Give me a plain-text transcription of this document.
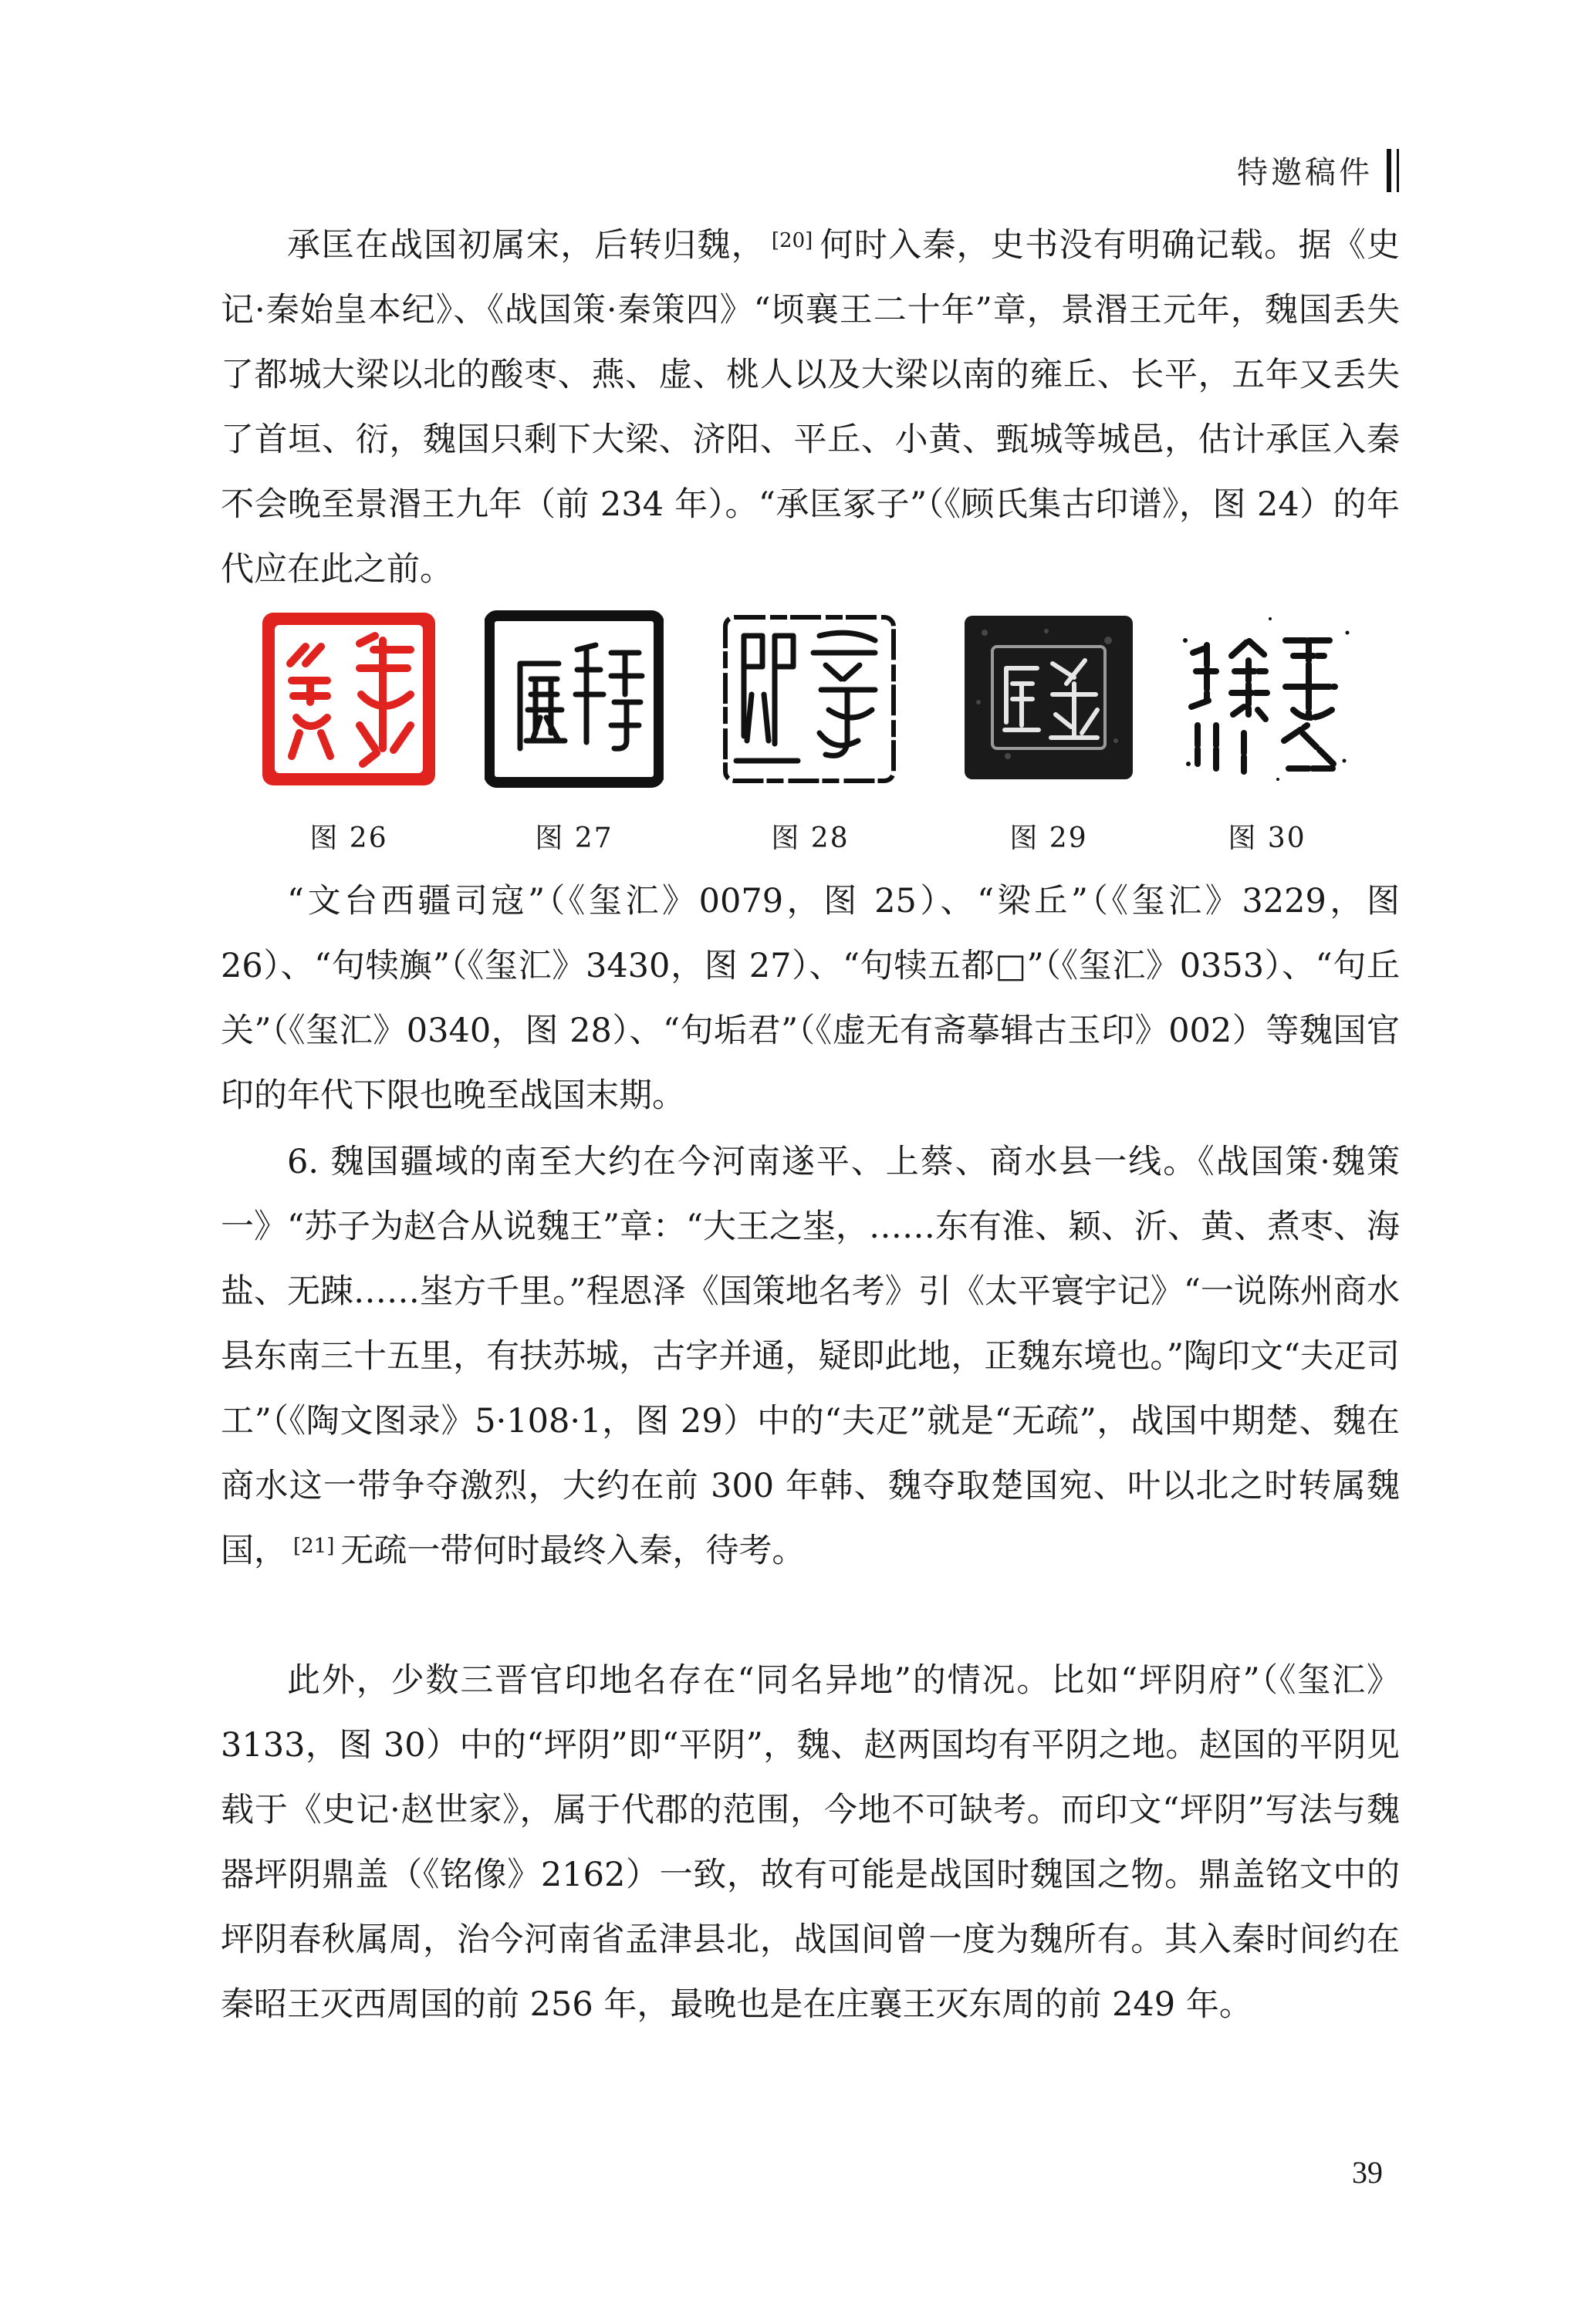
特邀稿件

承匡在战国初属宋，后转归魏， [20] 何时入秦，史书没有明确记载。据《史记·秦始皇本纪》、《战国策·秦策四》“顷襄王二十年”章，景湣王元年，魏国丢失了都城大梁以北的酸枣、燕、虚、桃人以及大梁以南的雍丘、长平，五年又丢失了首垣、衍，魏国只剩下大梁、济阳、平丘、小黄、甄城等城邑，估计承匡入秦不会晚至景湣王九年（前 234 年）。“承匡冢子”（《顾氏集古印谱》，图 24）的年代应在此之前。

图 26	图 27	图 28	图 29	图 30

“文台西疆司寇”（《玺汇》0079，图 25）、“梁丘”（《玺汇》3229，图 26）、“句犊旟”（《玺汇》3430，图 27）、“句犊五都□”（《玺汇》0353）、“句丘关”（《玺汇》0340，图 28）、“句垢君”（《虚无有斋摹辑古玉印》002）等魏国官印的年代下限也晚至战国末期。

6. 魏国疆域的南至大约在今河南遂平、上蔡、商水县一线。《战国策·魏策一》“苏子为赵合从说魏王”章：“大王之埊，……东有淮、颖、沂、黄、煮枣、海盐、无踈……埊方千里。”程恩泽《国策地名考》引《太平寰宇记》“一说陈州商水县东南三十五里，有扶苏城，古字并通，疑即此地，正魏东境也。”陶印文“夫疋司工”（《陶文图录》5·108·1，图 29）中的“夫疋”就是“无疏”，战国中期楚、魏在商水这一带争夺激烈，大约在前 300 年韩、魏夺取楚国宛、叶以北之时转属魏国， [21] 无疏一带何时最终入秦，待考。

此外，少数三晋官印地名存在“同名异地”的情况。比如“坪阴府”（《玺汇》3133，图 30）中的“坪阴”即“平阴”，魏、赵两国均有平阴之地。赵国的平阴见载于《史记·赵世家》，属于代郡的范围，今地不可缺考。而印文“坪阴”写法与魏器坪阴鼎盖（《铭像》2162）一致，故有可能是战国时魏国之物。鼎盖铭文中的坪阴春秋属周，治今河南省孟津县北，战国间曾一度为魏所有。其入秦时间约在秦昭王灭西周国的前 256 年，最晚也是在庄襄王灭东周的前 249 年。

39
